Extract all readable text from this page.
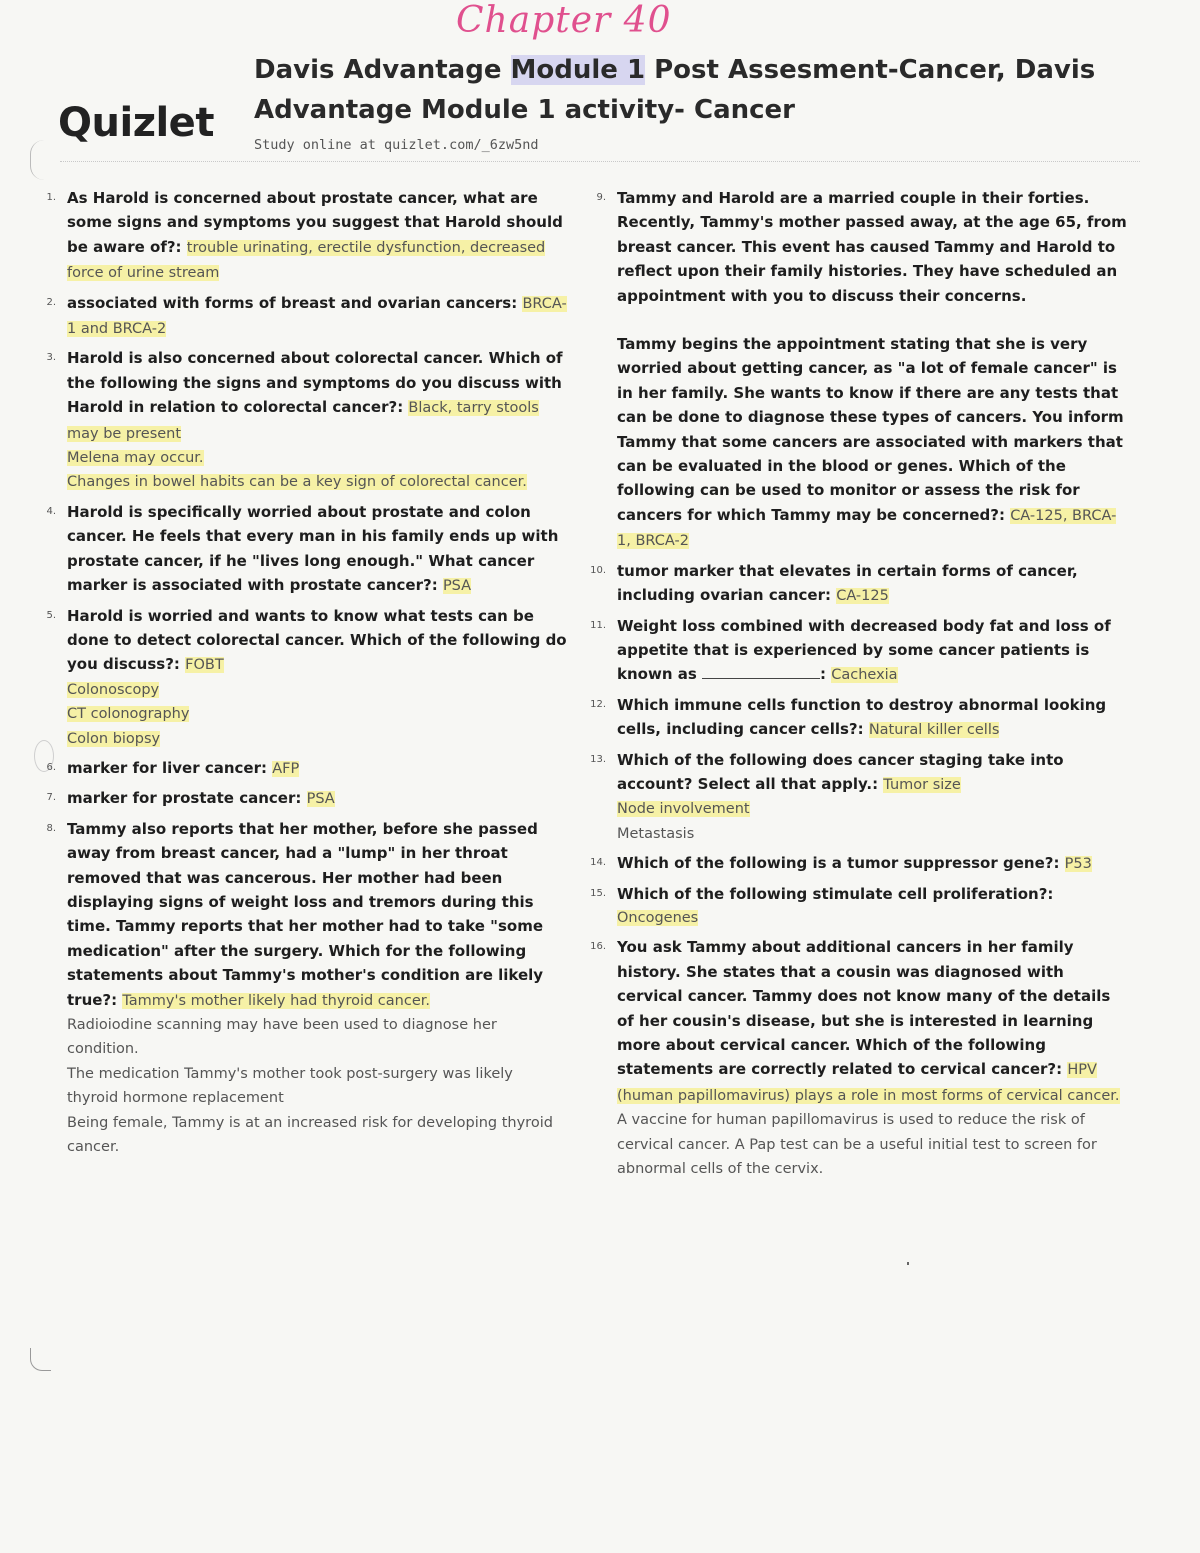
Chapter 40
Quizlet
Davis Advantage Module 1 Post Assesment-Cancer, Davis Advantage Module 1 activity- Cancer
Study online at quizlet.com/_6zw5nd
1. As Harold is concerned about prostate cancer, what are some signs and symptoms you suggest that Harold should be aware of?: trouble urinating, erectile dysfunction, decreased force of urine stream
2. associated with forms of breast and ovarian cancers: BRCA-1 and BRCA-2
3. Harold is also concerned about colorectal cancer. Which of the following the signs and symptoms do you discuss with Harold in relation to colorectal cancer?: Black, tarry stools may be present
Melena may occur.
Changes in bowel habits can be a key sign of colorectal cancer.
4. Harold is specifically worried about prostate and colon cancer. He feels that every man in his family ends up with prostate cancer, if he "lives long enough." What cancer marker is associated with prostate cancer?: PSA
5. Harold is worried and wants to know what tests can be done to detect colorectal cancer. Which of the following do you discuss?: FOBT
Colonoscopy
CT colonography
Colon biopsy
6. marker for liver cancer: AFP
7. marker for prostate cancer: PSA
8. Tammy also reports that her mother, before she passed away from breast cancer, had a "lump" in her throat removed that was cancerous. Her mother had been displaying signs of weight loss and tremors during this time. Tammy reports that her mother had to take "some medication" after the surgery. Which for the following statements about Tammy's mother's condition are likely true?: Tammy's mother likely had thyroid cancer.
Radioiodine scanning may have been used to diagnose her condition.
The medication Tammy's mother took post-surgery was likely thyroid hormone replacement
Being female, Tammy is at an increased risk for developing thyroid cancer.
9. Tammy and Harold are a married couple in their forties. Recently, Tammy's mother passed away, at the age 65, from breast cancer. This event has caused Tammy and Harold to reflect upon their family histories. They have scheduled an appointment with you to discuss their concerns.
Tammy begins the appointment stating that she is very worried about getting cancer, as "a lot of female cancer" is in her family. She wants to know if there are any tests that can be done to diagnose these types of cancers. You inform Tammy that some cancers are associated with markers that can be evaluated in the blood or genes. Which of the following can be used to monitor or assess the risk for cancers for which Tammy may be concerned?: CA-125, BRCA-1, BRCA-2
10. tumor marker that elevates in certain forms of cancer, including ovarian cancer: CA-125
11. Weight loss combined with decreased body fat and loss of appetite that is experienced by some cancer patients is known as	: Cachexia
12. Which immune cells function to destroy abnormal looking cells, including cancer cells?: Natural killer cells
13. Which of the following does cancer staging take into account? Select all that apply.: Tumor size
Node involvement
Metastasis
14. Which of the following is a tumor suppressor gene?: P53
15. Which of the following stimulate cell proliferation?:
Oncogenes
16. You ask Tammy about additional cancers in her family history. She states that a cousin was diagnosed with cervical cancer. Tammy does not know many of the details of her cousin's disease, but she is interested in learning more about cervical cancer. Which of the following statements are correctly related to cervical cancer?: HPV (human papillomavirus) plays a role in most forms of cervical cancer.
A vaccine for human papillomavirus is used to reduce the risk of cervical cancer. A Pap test can be a useful initial test to screen for abnormal cells of the cervix.
